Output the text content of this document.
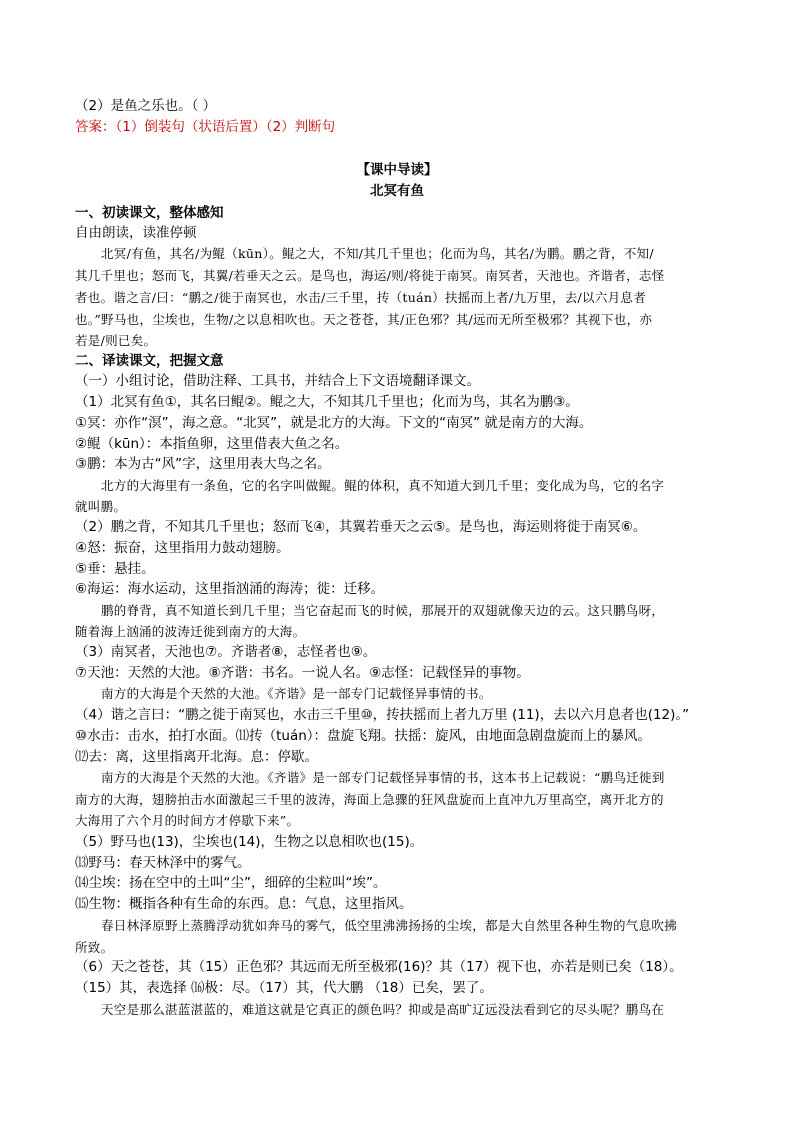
（2）是鱼之乐也。（ ）
答案：（1）倒装句（状语后置）（2）判断句
【课中导读】
北冥有鱼
一、初读课文，整体感知
自由朗读，读准停顿
北冥/有鱼，其名/为鲲（kūn）。鲲之大，不知/其几千里也；化而为鸟，其名/为鹏。鹏之背，不知/
其几千里也；怒而飞，其翼/若垂天之云。是鸟也，海运/则/将徙于南冥。南冥者，天池也。齐谐者，志怪
者也。谐之言/曰：“鹏之/徙于南冥也，水击/三千里，抟（tuán）扶摇而上者/九万里，去/以六月息者
也。”野马也，尘埃也，生物/之以息相吹也。天之苍苍，其/正色邪？其/远而无所至极邪？其视下也，亦
若是/则已矣。
二、译读课文，把握文意
（一）小组讨论，借助注释、工具书，并结合上下文语境翻译课文。
（1）北冥有鱼①，其名曰鲲②。鲲之大，不知其几千里也；化而为鸟，其名为鹏③。
①冥：亦作“溟”，海之意。“北冥”，就是北方的大海。下文的“南冥” 就是南方的大海。
②鲲（kūn）：本指鱼卵，这里借表大鱼之名。
③鹏：本为古“风”字，这里用表大鸟之名。
北方的大海里有一条鱼，它的名字叫做鲲。鲲的体积，真不知道大到几千里；变化成为鸟，它的名字
就叫鹏。
（2）鹏之背，不知其几千里也；怒而飞④，其翼若垂天之云⑤。是鸟也，海运则将徙于南冥⑥。
④怒：振奋，这里指用力鼓动翅膀。
⑤垂：悬挂。
⑥海运：海水运动，这里指汹涌的海涛；徙：迁移。
鹏的脊背，真不知道长到几千里；当它奋起而飞的时候，那展开的双翅就像天边的云。这只鹏鸟呀，
随着海上汹涌的波涛迁徙到南方的大海。
（3）南冥者，天池也⑦。齐谐者⑧，志怪者也⑨。
⑦天池：天然的大池。⑧齐谐：书名。一说人名。⑨志怪：记载怪异的事物。
南方的大海是个天然的大池。《齐谐》是一部专门记载怪异事情的书。
（4）谐之言曰：“鹏之徙于南冥也，水击三千里⑩，抟扶摇而上者九万里 (11)，去以六月息者也(12)。”
⑩水击：击水，拍打水面。⑾抟（tuán）：盘旋飞翔。扶摇：旋风，由地面急剧盘旋而上的暴风。
⑿去：离，这里指离开北海。息：停歇。
南方的大海是个天然的大池。《齐谐》是一部专门记载怪异事情的书，这本书上记载说：“鹏鸟迁徙到
南方的大海，翅膀拍击水面激起三千里的波涛，海面上急骤的狂风盘旋而上直冲九万里高空，离开北方的
大海用了六个月的时间方才停歇下来”。
（5）野马也(13)，尘埃也(14)，生物之以息相吹也(15)。
⒀野马：春天林泽中的雾气。
⒁尘埃：扬在空中的土叫“尘”，细碎的尘粒叫“埃”。
⒂生物：概指各种有生命的东西。息：气息，这里指风。
春日林泽原野上蒸腾浮动犹如奔马的雾气，低空里沸沸扬扬的尘埃，都是大自然里各种生物的气息吹拂
所致。
（6）天之苍苍，其（15）正色邪？其远而无所至极邪(16)？其（17）视下也，亦若是则已矣（18）。
（15）其，表选择 ⒃极：尽。（17）其，代大鹏 （18）已矣，罢了。
天空是那么湛蓝湛蓝的，难道这就是它真正的颜色吗？抑或是高旷辽远没法看到它的尽头呢？鹏鸟在
